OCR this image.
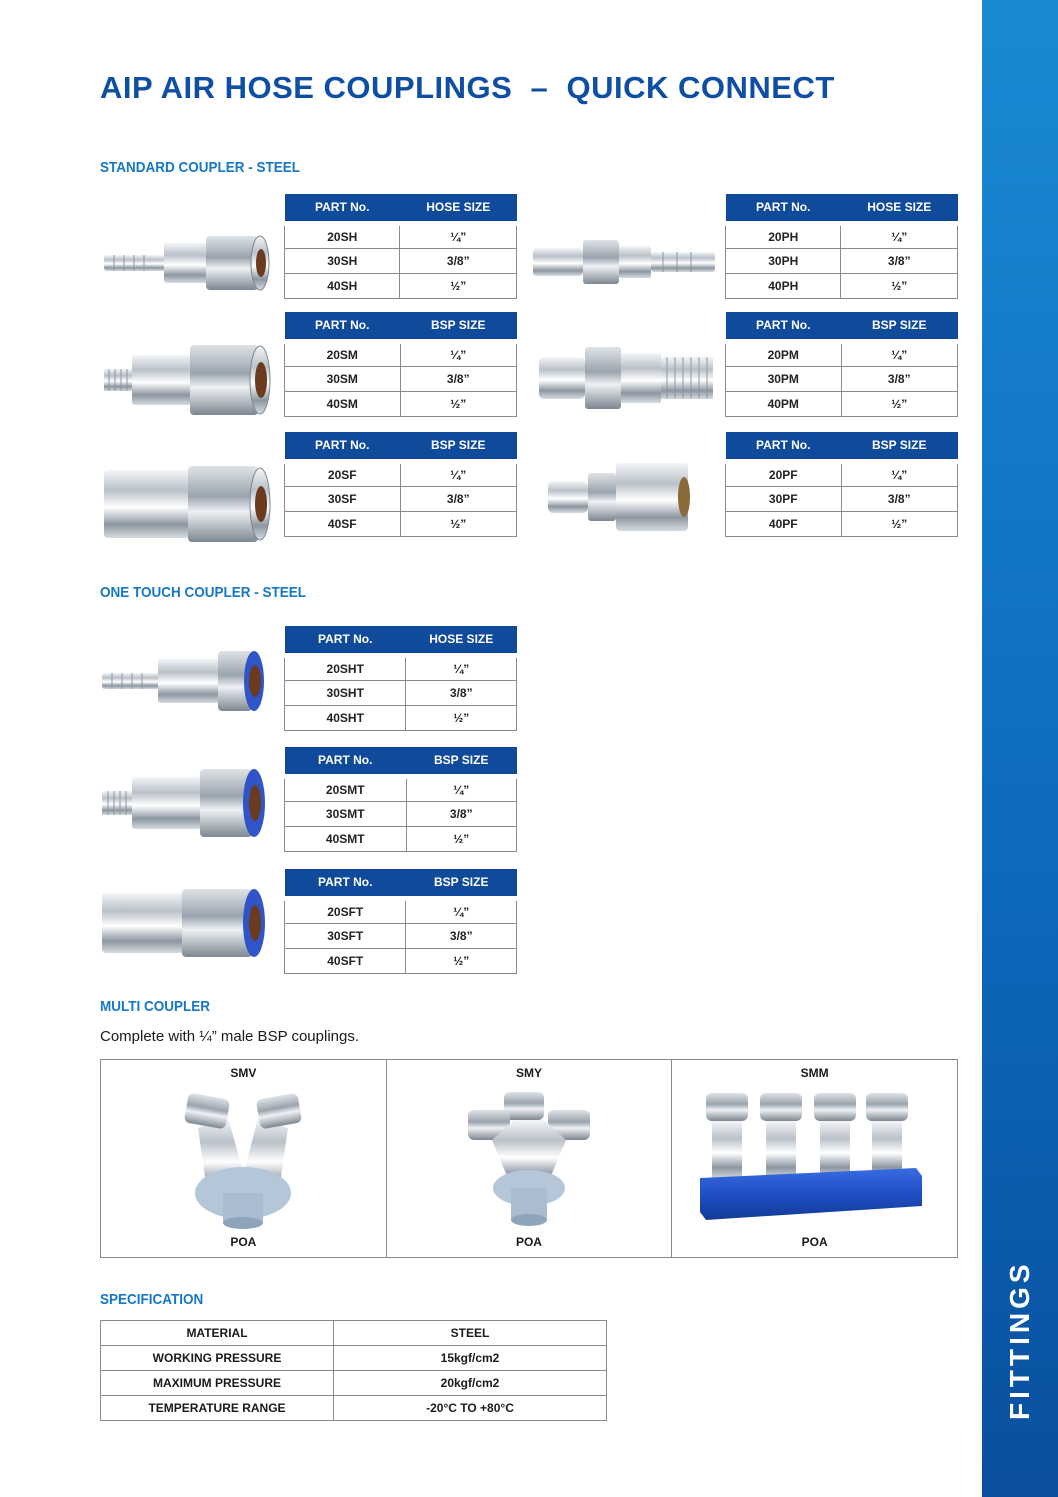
FITTINGS
AIP AIR HOSE COUPLINGS  –  QUICK CONNECT
STANDARD COUPLER - STEEL
PART No.	HOSE SIZE
20SH	¼”
30SH	3/8”
40SH	½”
PART No.	HOSE SIZE
20PH	¼”
30PH	3/8”
40PH	½”
PART No.	BSP SIZE
20SM	¼”
30SM	3/8”
40SM	½”
PART No.	BSP SIZE
20PM	¼”
30PM	3/8”
40PM	½”
PART No.	BSP SIZE
20SF	¼”
30SF	3/8”
40SF	½”
PART No.	BSP SIZE
20PF	¼”
30PF	3/8”
40PF	½”
ONE TOUCH COUPLER - STEEL
PART No.	HOSE SIZE
20SHT	¼”
30SHT	3/8”
40SHT	½”
PART No.	BSP SIZE
20SMT	¼”
30SMT	3/8”
40SMT	½”
PART No.	BSP SIZE
20SFT	¼”
30SFT	3/8”
40SFT	½”
MULTI COUPLER
Complete with ¼” male BSP couplings.
SMV
POA

SMY
POA

SMM
POA
SPECIFICATION
MATERIAL	STEEL
WORKING PRESSURE	15kgf/cm2
MAXIMUM PRESSURE	20kgf/cm2
TEMPERATURE RANGE	-20°C TO +80°C
